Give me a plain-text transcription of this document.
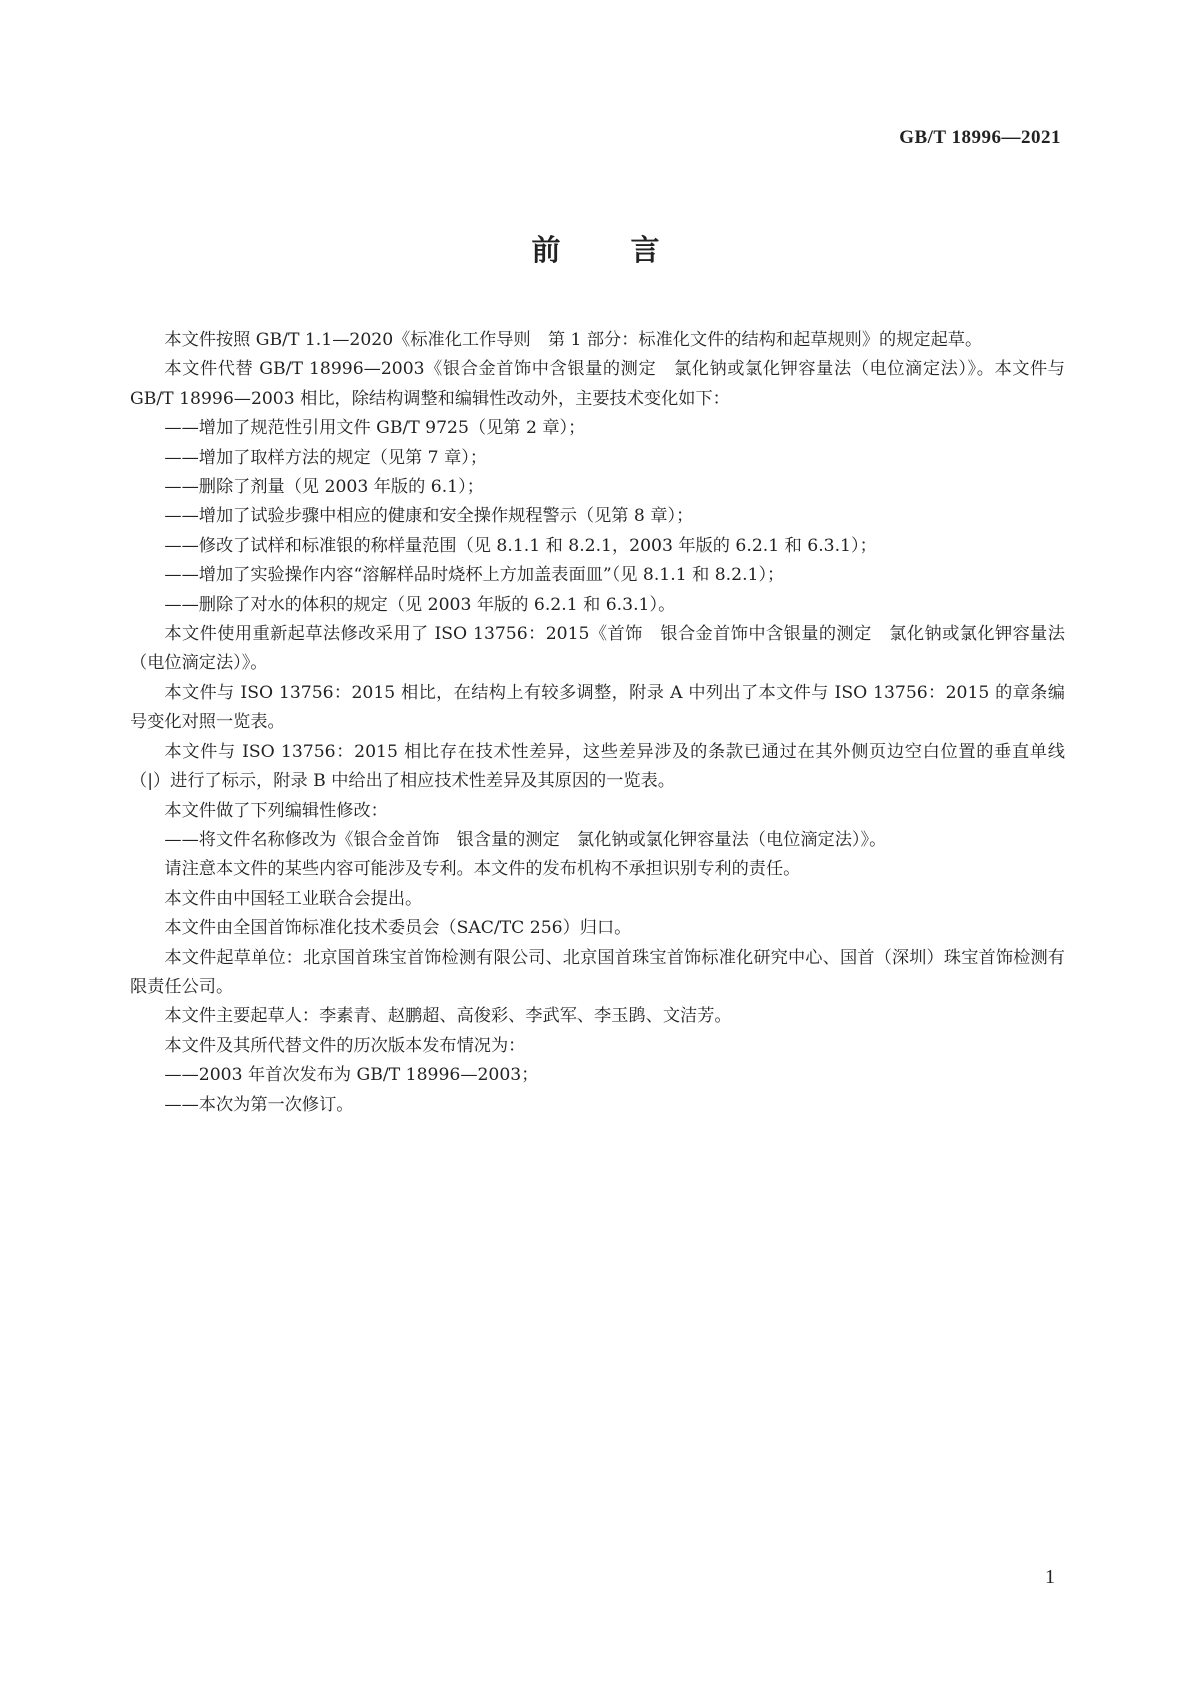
GB/T 18996—2021
前 言

本文件按照 GB/T 1.1—2020《标准化工作导则　第 1 部分：标准化文件的结构和起草规则》的规定起草。

本文件代替 GB/T 18996—2003《银合金首饰中含银量的测定　氯化钠或氯化钾容量法（电位滴定法）》。本文件与 GB/T 18996—2003 相比，除结构调整和编辑性改动外，主要技术变化如下：

——增加了规范性引用文件 GB/T 9725（见第 2 章）；

——增加了取样方法的规定（见第 7 章）；

——删除了剂量（见 2003 年版的 6.1）；

——增加了试验步骤中相应的健康和安全操作规程警示（见第 8 章）；

——修改了试样和标准银的称样量范围（见 8.1.1 和 8.2.1，2003 年版的 6.2.1 和 6.3.1）；

——增加了实验操作内容“溶解样品时烧杯上方加盖表面皿”（见 8.1.1 和 8.2.1）；

——删除了对水的体积的规定（见 2003 年版的 6.2.1 和 6.3.1）。

本文件使用重新起草法修改采用了 ISO 13756：2015《首饰　银合金首饰中含银量的测定　氯化钠或氯化钾容量法（电位滴定法）》。

本文件与 ISO 13756：2015 相比，在结构上有较多调整，附录 A 中列出了本文件与 ISO 13756：2015 的章条编号变化对照一览表。

本文件与 ISO 13756：2015 相比存在技术性差异，这些差异涉及的条款已通过在其外侧页边空白位置的垂直单线（|）进行了标示，附录 B 中给出了相应技术性差异及其原因的一览表。

本文件做了下列编辑性修改：

——将文件名称修改为《银合金首饰　银含量的测定　氯化钠或氯化钾容量法（电位滴定法）》。

请注意本文件的某些内容可能涉及专利。本文件的发布机构不承担识别专利的责任。

本文件由中国轻工业联合会提出。

本文件由全国首饰标准化技术委员会（SAC/TC 256）归口。

本文件起草单位：北京国首珠宝首饰检测有限公司、北京国首珠宝首饰标准化研究中心、国首（深圳）珠宝首饰检测有限责任公司。

本文件主要起草人：李素青、赵鹏超、高俊彩、李武军、李玉鹍、文洁芳。

本文件及其所代替文件的历次版本发布情况为：

——2003 年首次发布为 GB/T 18996—2003；

——本次为第一次修订。

1
